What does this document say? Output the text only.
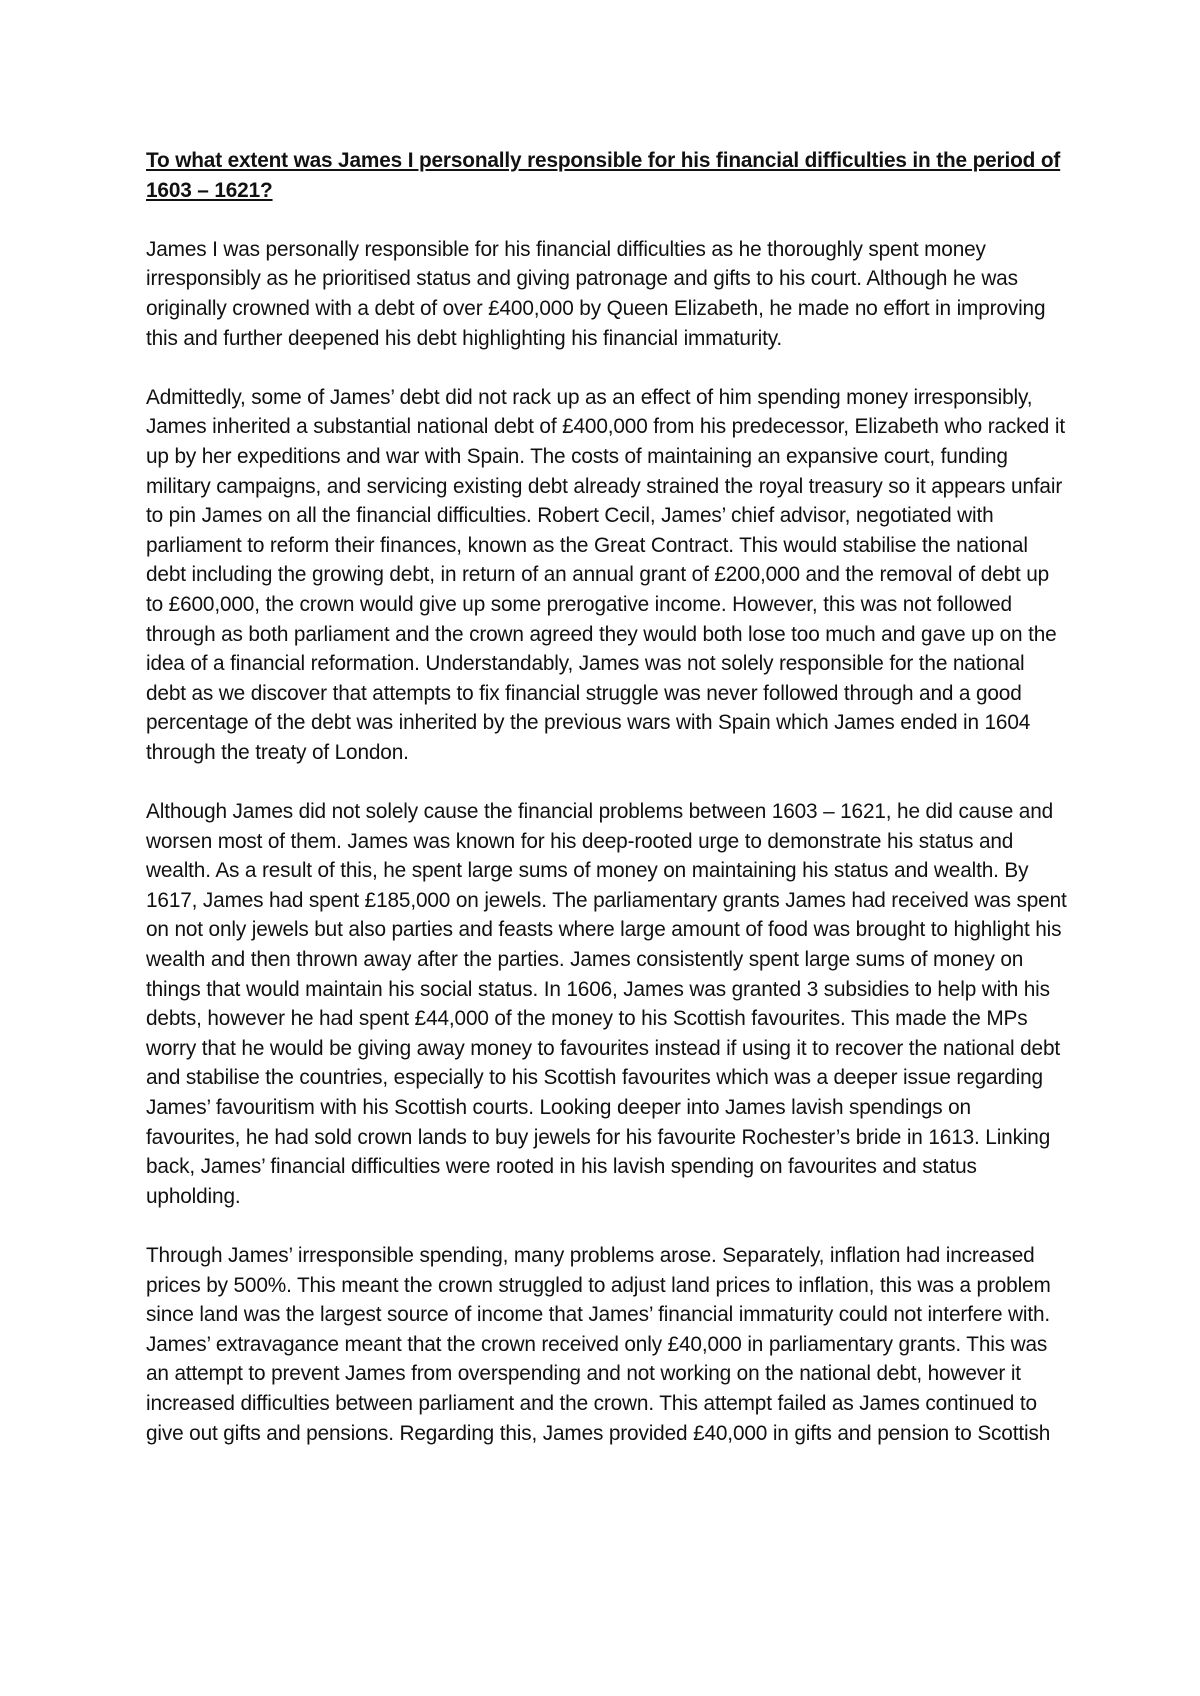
To what extent was James I personally responsible for his financial difficulties in the period of 1603 – 1621?

James I was personally responsible for his financial difficulties as he thoroughly spent money irresponsibly as he prioritised status and giving patronage and gifts to his court. Although he was originally crowned with a debt of over £400,000 by Queen Elizabeth, he made no effort in improving this and further deepened his debt highlighting his financial immaturity.

Admittedly, some of James’ debt did not rack up as an effect of him spending money irresponsibly, James inherited a substantial national debt of £400,000 from his predecessor, Elizabeth who racked it up by her expeditions and war with Spain. The costs of maintaining an expansive court, funding military campaigns, and servicing existing debt already strained the royal treasury so it appears unfair to pin James on all the financial difficulties. Robert Cecil, James’ chief advisor, negotiated with parliament to reform their finances, known as the Great Contract. This would stabilise the national debt including the growing debt, in return of an annual grant of £200,000 and the removal of debt up to £600,000, the crown would give up some prerogative income. However, this was not followed through as both parliament and the crown agreed they would both lose too much and gave up on the idea of a financial reformation. Understandably, James was not solely responsible for the national debt as we discover that attempts to fix financial struggle was never followed through and a good percentage of the debt was inherited by the previous wars with Spain which James ended in 1604 through the treaty of London.

Although James did not solely cause the financial problems between 1603 – 1621, he did cause and worsen most of them. James was known for his deep-rooted urge to demonstrate his status and wealth. As a result of this, he spent large sums of money on maintaining his status and wealth. By 1617, James had spent £185,000 on jewels. The parliamentary grants James had received was spent on not only jewels but also parties and feasts where large amount of food was brought to highlight his wealth and then thrown away after the parties. James consistently spent large sums of money on things that would maintain his social status. In 1606, James was granted 3 subsidies to help with his debts, however he had spent £44,000 of the money to his Scottish favourites. This made the MPs worry that he would be giving away money to favourites instead if using it to recover the national debt and stabilise the countries, especially to his Scottish favourites which was a deeper issue regarding James’ favouritism with his Scottish courts. Looking deeper into James lavish spendings on favourites, he had sold crown lands to buy jewels for his favourite Rochester’s bride in 1613. Linking back, James’ financial difficulties were rooted in his lavish spending on favourites and status upholding.

Through James’ irresponsible spending, many problems arose. Separately, inflation had increased prices by 500%. This meant the crown struggled to adjust land prices to inflation, this was a problem since land was the largest source of income that James’ financial immaturity could not interfere with. James’ extravagance meant that the crown received only £40,000 in parliamentary grants. This was an attempt to prevent James from overspending and not working on the national debt, however it increased difficulties between parliament and the crown. This attempt failed as James continued to give out gifts and pensions. Regarding this, James provided £40,000 in gifts and pension to Scottish
